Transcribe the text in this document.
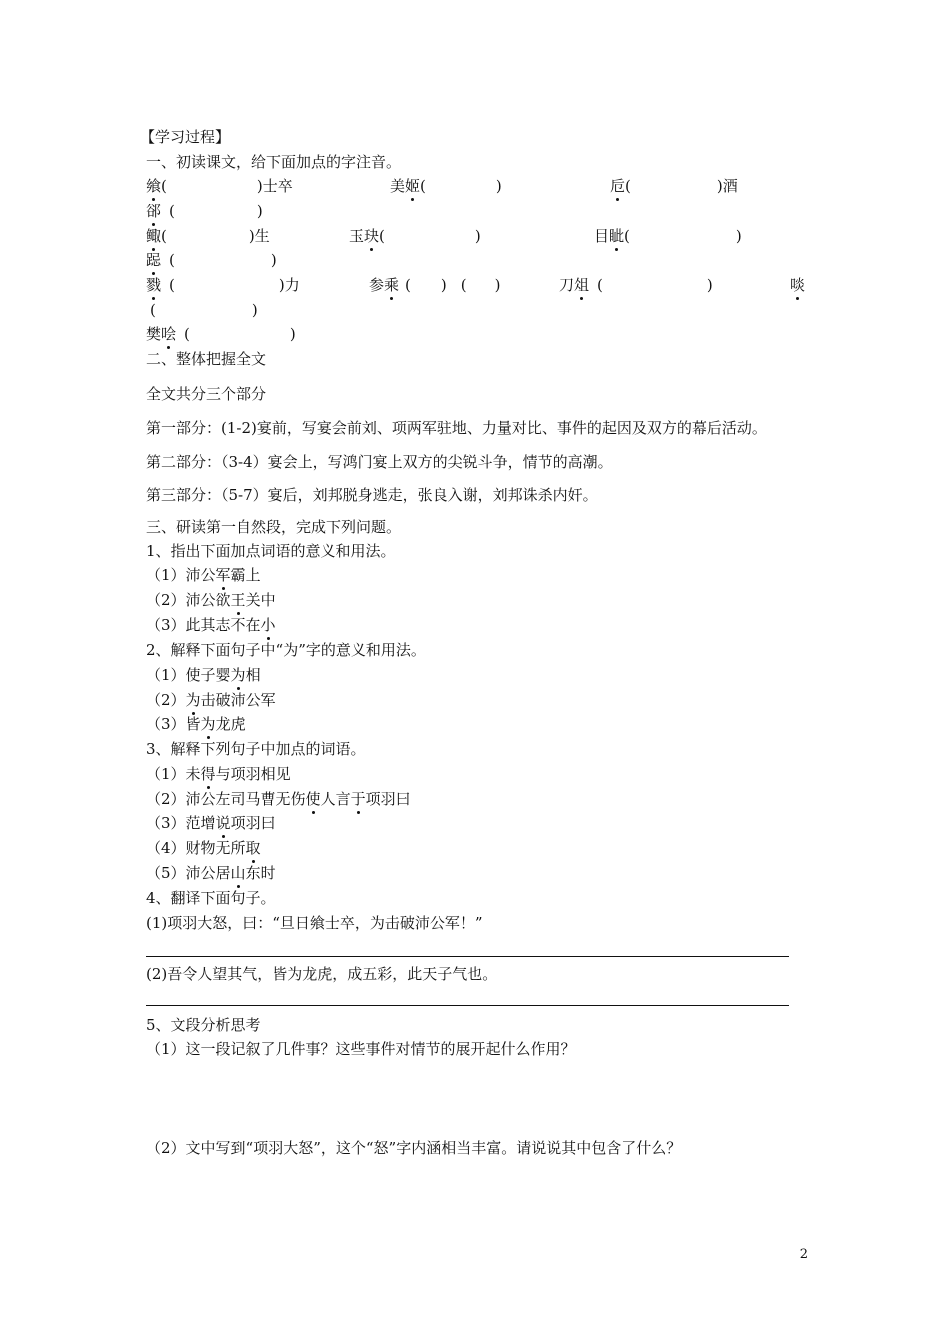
【学习过程】
一、初读课文，给下面加点的字注音。
飨(	)士卒	美姬(	)	卮(	)酒
郤 (	)
鲰(	)生	玉玦(	)	目眦(	)
跽 (	)
戮 (	)力	参乘 ( ) ( )	刀俎 (	)	啖
(	)
樊哙 (	)
二、整体把握全文
全文共分三个部分
第一部分：(1-2)宴前，写宴会前刘、项两军驻地、力量对比、事件的起因及双方的幕后活动。
第二部分：（3-4）宴会上，写鸿门宴上双方的尖锐斗争，情节的高潮。
第三部分：（5-7）宴后，刘邦脱身逃走，张良入谢，刘邦诛杀内奸。
三、研读第一自然段，完成下列问题。
1、指出下面加点词语的意义和用法。
（1）沛公军霸上
（2）沛公欲王关中
（3）此其志不在小
2、解释下面句子中“为”字的意义和用法。
（1）使子婴为相
（2）为击破沛公军
（3）皆为龙虎
3、解释下列句子中加点的词语。
（1）未得与项羽相见
（2）沛公左司马曹无伤使人言于项羽曰
（3）范增说项羽曰
（4）财物无所取
（5）沛公居山东时
4、翻译下面句子。
(1)项羽大怒，曰：“旦日飨士卒，为击破沛公军！”
(2)吾令人望其气，皆为龙虎，成五彩，此天子气也。
5、文段分析思考
（1）这一段记叙了几件事？这些事件对情节的展开起什么作用？
（2）文中写到“项羽大怒”，这个“怒”字内涵相当丰富。请说说其中包含了什么？
2
